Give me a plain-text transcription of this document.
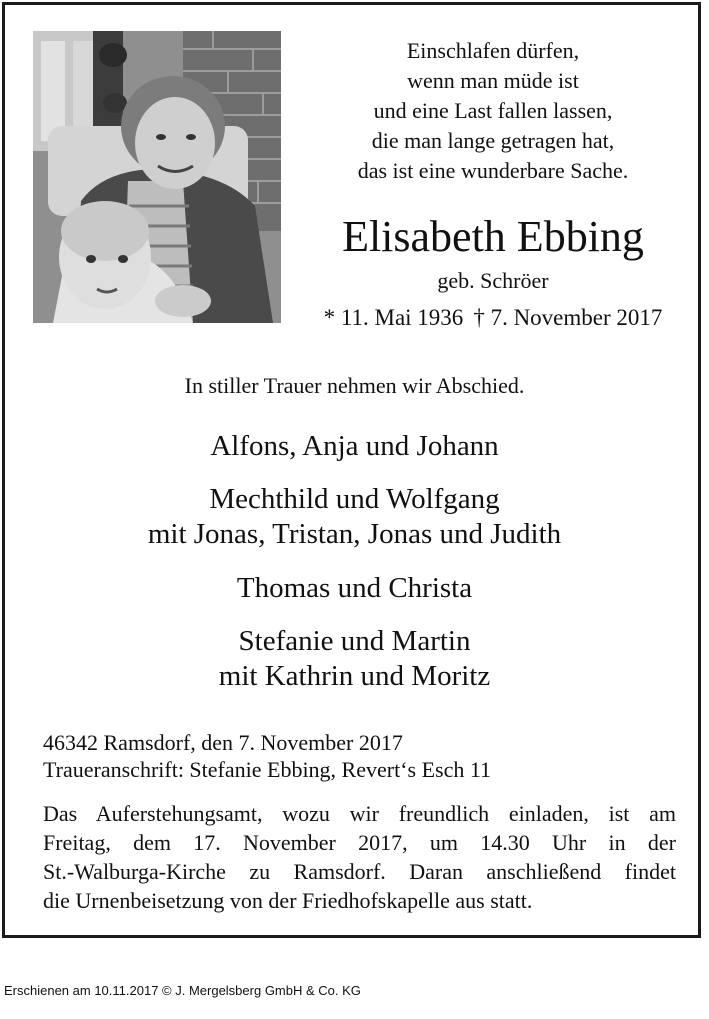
Einschlafen dürfen,
wenn man müde ist
und eine Last fallen lassen,
die man lange getragen hat,
das ist eine wunderbare Sache.
Elisabeth Ebbing
geb. Schröer
* 11. Mai 1936 † 7. November 2017
In stiller Trauer nehmen wir Abschied.
Alfons, Anja und Johann
Mechthild und Wolfgang
mit Jonas, Tristan, Jonas und Judith
Thomas und Christa
Stefanie und Martin
mit Kathrin und Moritz
46342 Ramsdorf, den 7. November 2017
Traueranschrift: Stefanie Ebbing, Revert‘s Esch 11
Das Auferstehungsamt, wozu wir freundlich einladen, ist am
Freitag, dem 17. November 2017, um 14.30 Uhr in der
St.-Walburga-Kirche zu Ramsdorf. Daran anschließend findet
die Urnenbeisetzung von der Friedhofskapelle aus statt.
Erschienen am 10.11.2017 © J. Mergelsberg GmbH & Co. KG
